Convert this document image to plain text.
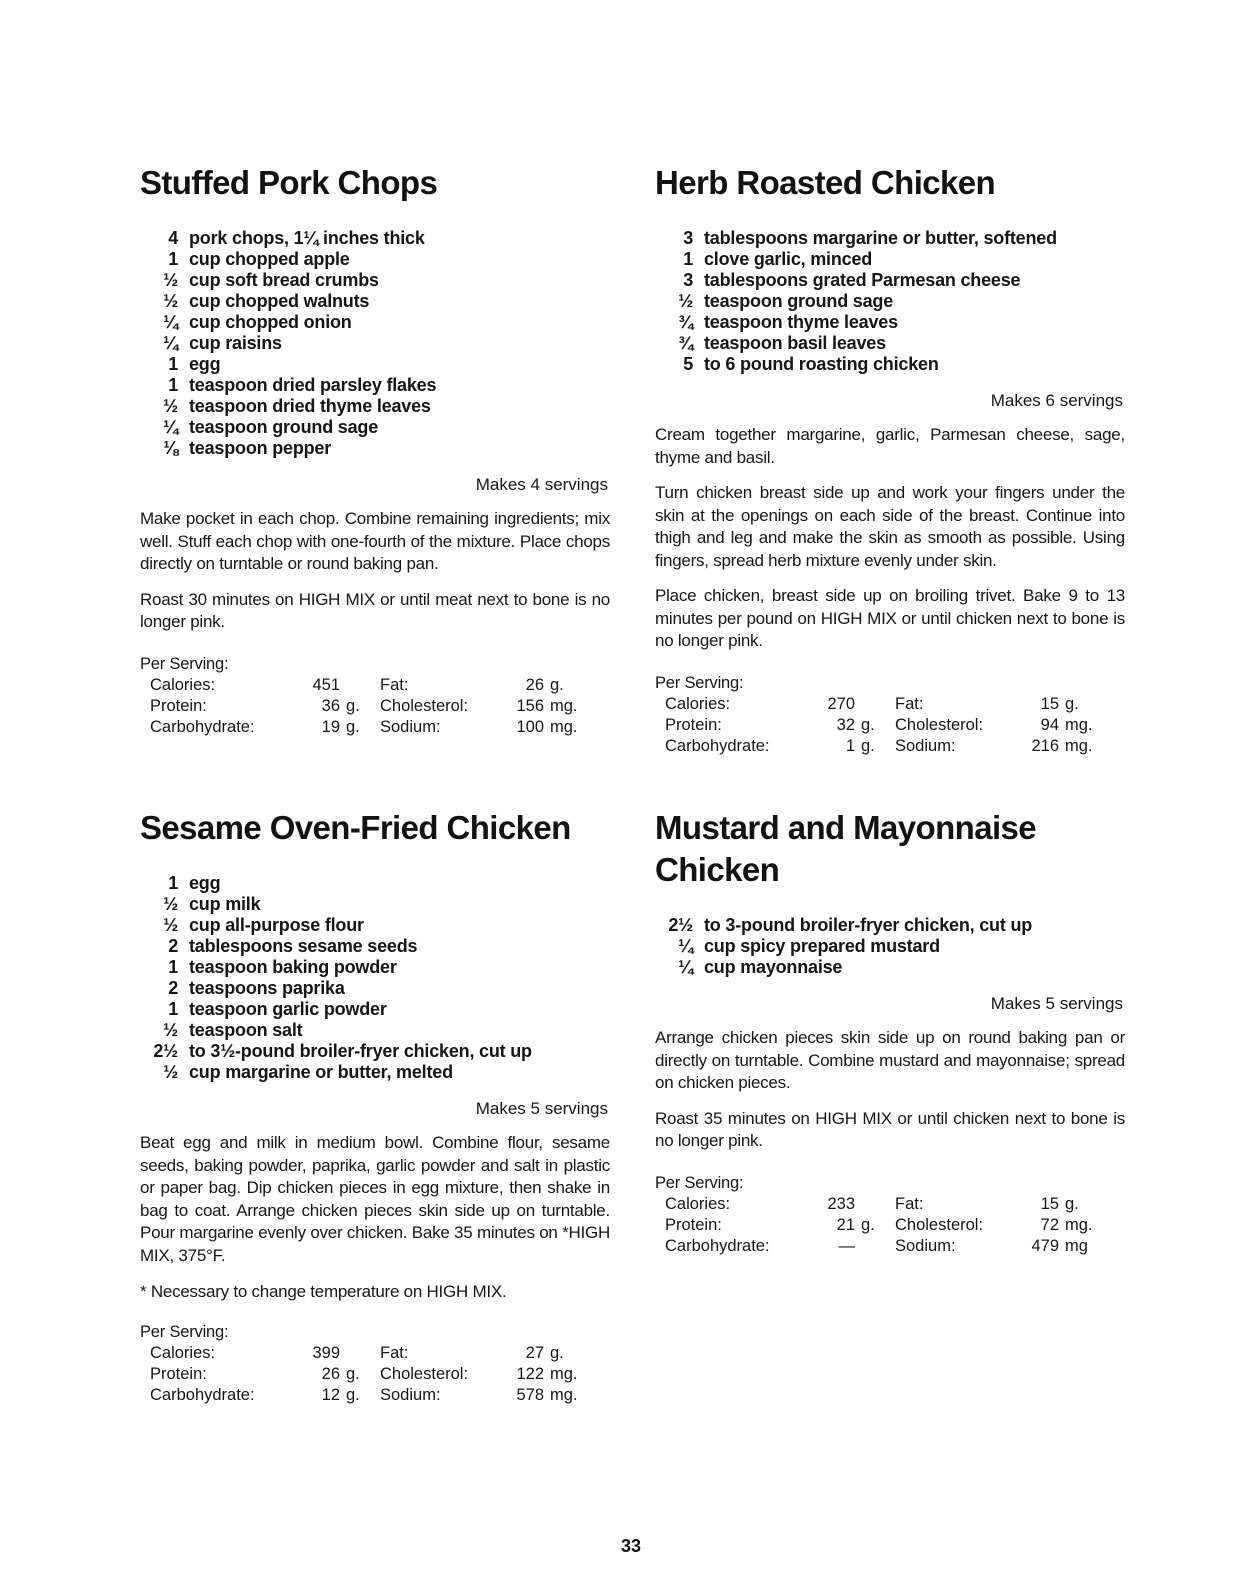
Stuffed Pork Chops
4 pork chops, 1¼ inches thick
1 cup chopped apple
½ cup soft bread crumbs
½ cup chopped walnuts
¼ cup chopped onion
¼ cup raisins
1 egg
1 teaspoon dried parsley flakes
½ teaspoon dried thyme leaves
¼ teaspoon ground sage
⅛ teaspoon pepper
Makes 4 servings

Make pocket in each chop. Combine remaining ingredients; mix well. Stuff each chop with one-fourth of the mixture. Place chops directly on turntable or round baking pan.

Roast 30 minutes on HIGH MIX or until meat next to bone is no longer pink.

Per Serving:
Calories:	451 Fat:	26 g.
Protein:	36 g.	Cholesterol:	156 mg.
Carbohydrate:	19 g.	Sodium:	100 mg.
Herb Roasted Chicken
3 tablespoons margarine or butter, softened
1 clove garlic, minced
3 tablespoons grated Parmesan cheese
½ teaspoon ground sage
¾ teaspoon thyme leaves
¾ teaspoon basil leaves
5 to 6 pound roasting chicken
Makes 6 servings

Cream together margarine, garlic, Parmesan cheese, sage, thyme and basil.

Turn chicken breast side up and work your fingers under the skin at the openings on each side of the breast. Continue into thigh and leg and make the skin as smooth as possible. Using fingers, spread herb mixture evenly under skin.

Place chicken, breast side up on broiling trivet. Bake 9 to 13 minutes per pound on HIGH MIX or until chicken next to bone is no longer pink.

Per Serving:
Calories:	270 Fat:	15 g.
Protein:	32 g.	Cholesterol:	94 mg.
Carbohydrate:	1 g.	Sodium:	216 mg.
Sesame Oven-Fried Chicken
1 egg
½ cup milk
½ cup all-purpose flour
2 tablespoons sesame seeds
1 teaspoon baking powder
2 teaspoons paprika
1 teaspoon garlic powder
½ teaspoon salt
2½ to 3½-pound broiler-fryer chicken, cut up
½ cup margarine or butter, melted
Makes 5 servings

Beat egg and milk in medium bowl. Combine flour, sesame seeds, baking powder, paprika, garlic powder and salt in plastic or paper bag. Dip chicken pieces in egg mixture, then shake in bag to coat. Arrange chicken pieces skin side up on turntable. Pour margarine evenly over chicken. Bake 35 minutes on *HIGH MIX, 375°F.

* Necessary to change temperature on HIGH MIX.
Per Serving:
Calories:	399 Fat:	27 g.
Protein:	26 g.	Cholesterol:	122 mg.
Carbohydrate:	12 g.	Sodium:	578 mg.
Mustard and Mayonnaise Chicken
2½ to 3-pound broiler-fryer chicken, cut up
¼ cup spicy prepared mustard
¼ cup mayonnaise
Makes 5 servings

Arrange chicken pieces skin side up on round baking pan or directly on turntable. Combine mustard and mayonnaise; spread on chicken pieces.

Roast 35 minutes on HIGH MIX or until chicken next to bone is no longer pink.

Per Serving:
Calories:	233 Fat:	15 g.
Protein:	21 g.	Cholesterol:	72 mg.
Carbohydrate:	— Sodium:	479 mg
33
